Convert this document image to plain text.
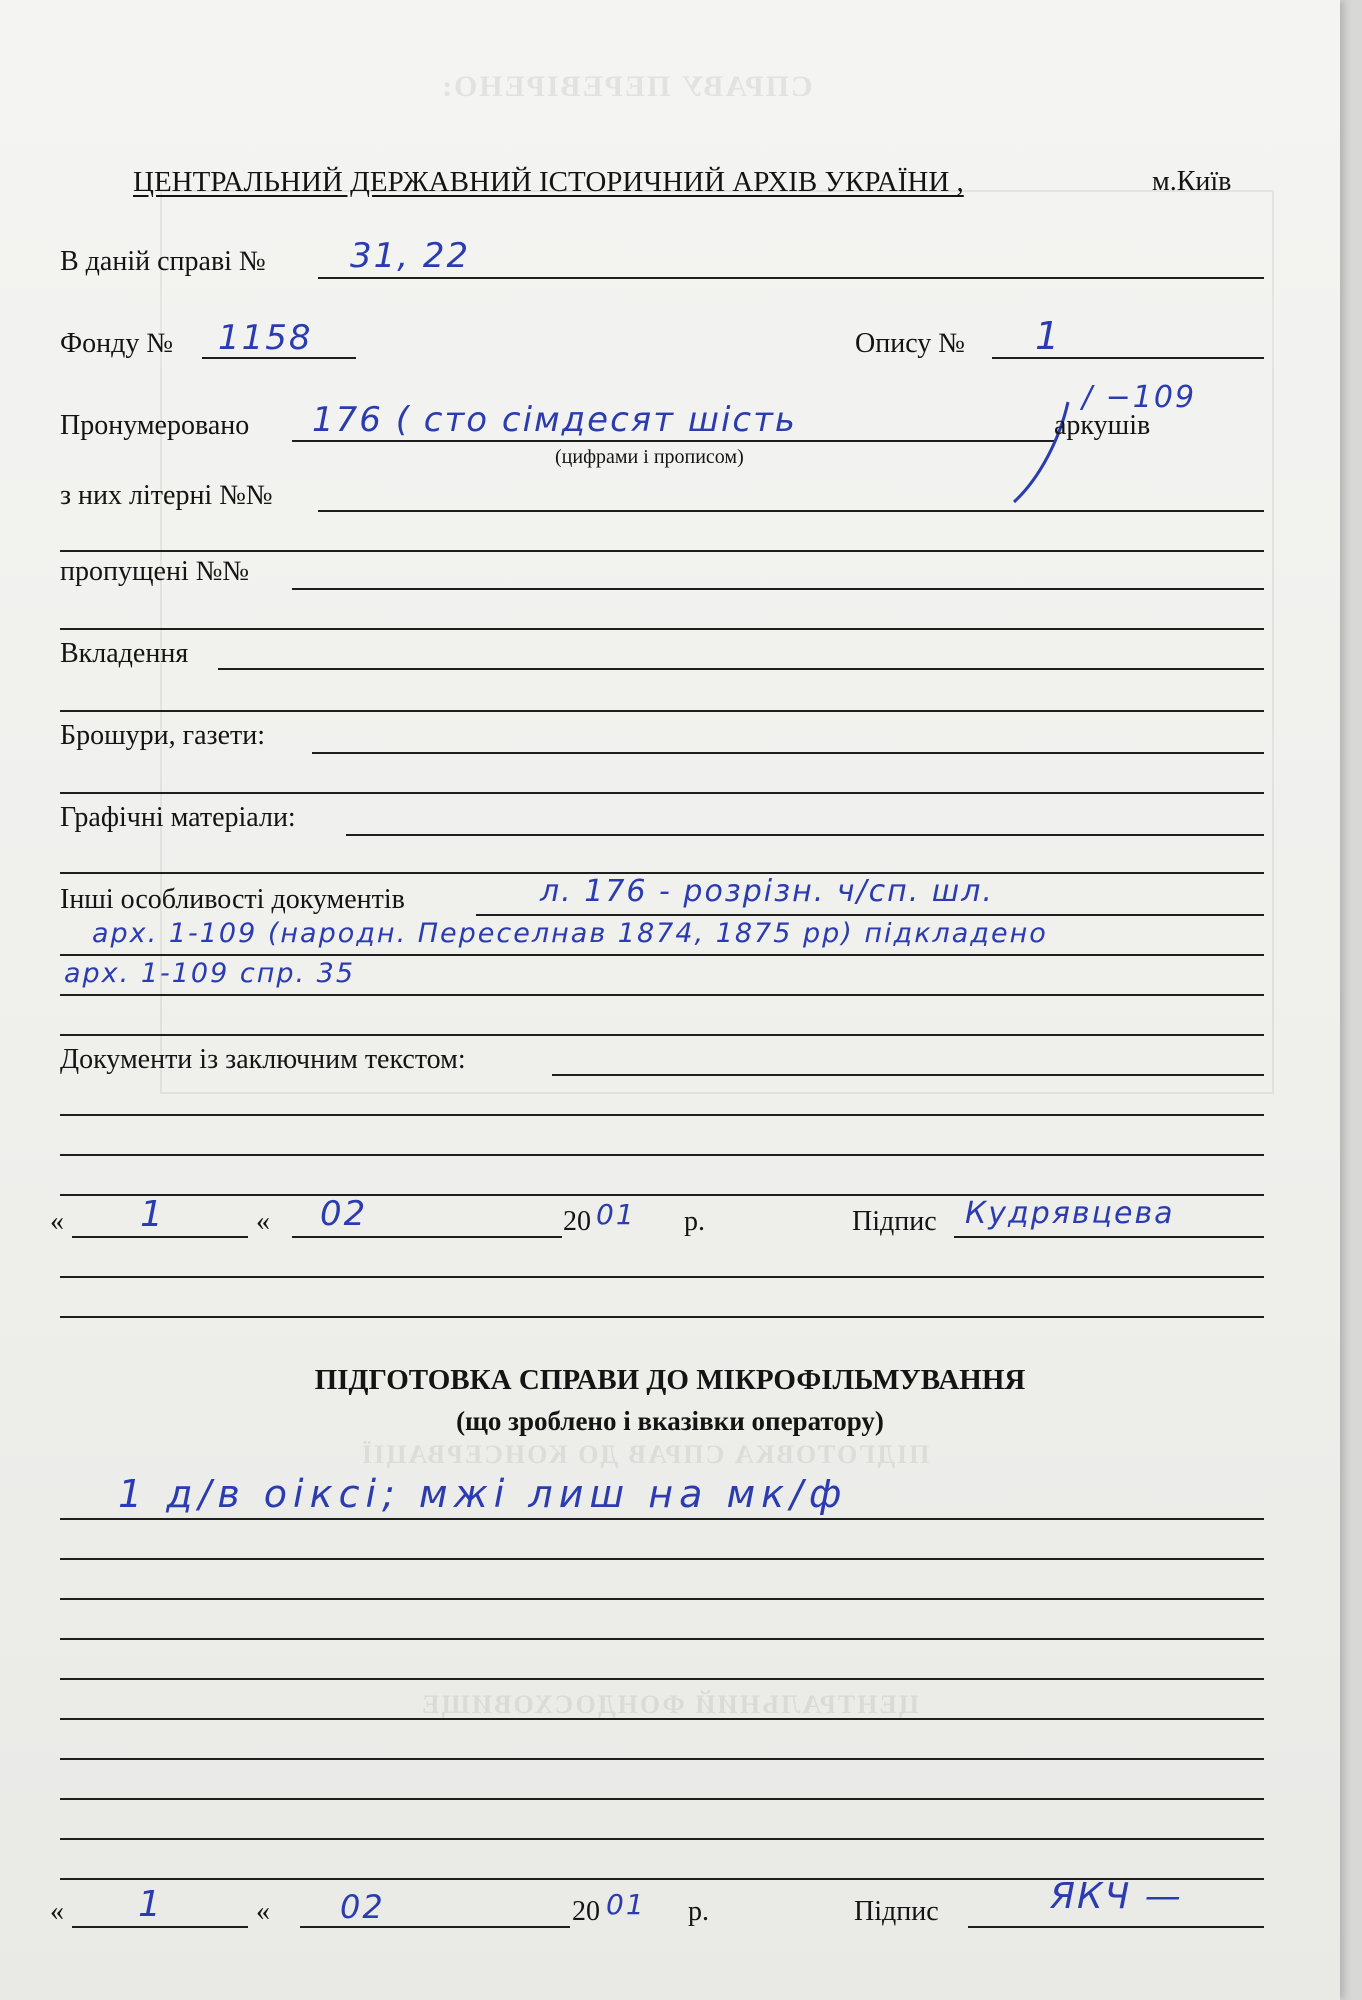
СПРАВУ ПЕРЕВІРЕНО:
ПІДГОТОВКА СПРАВ ДО КОНСЕРВАЦІЇ
ЦЕНТРАЛЬНИЙ ФОНДОСХОВИЩЕ
ЦЕНТРАЛЬНИЙ ДЕРЖАВНИЙ ІСТОРИЧНИЙ АРХІВ УКРАЇНИ ,	м.Київ
В даній справі № 31, 22
Фонду № 1158	Опису № 1
Пронумеровано 176 ( сто сімдесят шість
/ −109
аркушів
(цифрами і прописом)
з них літерні №№
пропущені №№
Вкладення
Брошури, газети:
Графічні матеріали:
Інші особливості документів	л. 176 - розрізн. ч/сп. шл.
арх. 1-109 (народн. Переселнав 1874, 1875 рр) підкладено
арх. 1-109 спр. 35
Документи із заключним текстом:
« 1	« 02	20 01 р.	Підпис Кудрявцева
ПІДГОТОВКА СПРАВИ ДО МІКРОФІЛЬМУВАННЯ
(що зроблено і вказівки оператору)
1 д/в оіксі; мжі лиш на мк/ф
« 1	« 02	20 01 р.	Підпис	ЯКЧ —
